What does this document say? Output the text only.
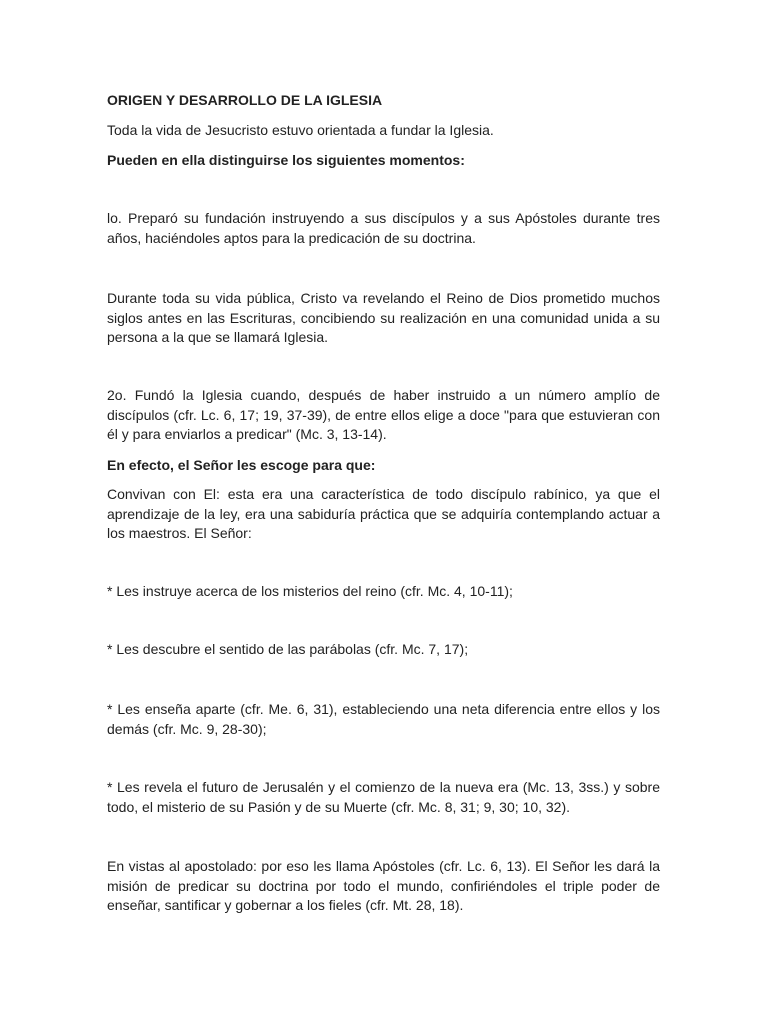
ORIGEN Y DESARROLLO DE LA IGLESIA

Toda la vida de Jesucristo estuvo orientada a fundar la Iglesia.

Pueden en ella distinguirse los siguientes momentos:

lo. Preparó su fundación instruyendo a sus discípulos y a sus Apóstoles durante tres años, haciéndoles aptos para la predicación de su doctrina.

Durante toda su vida pública, Cristo va revelando el Reino de Dios prometido muchos siglos antes en las Escrituras, concibiendo su realización en una comunidad unida a su persona a la que se llamará Iglesia.

2o. Fundó la Iglesia cuando, después de haber instruido a un número amplío de discípulos (cfr. Lc. 6, 17; 19, 37-39), de entre ellos elige a doce "para que estuvieran con él y para enviarlos a predicar" (Mc. 3, 13-14).

En efecto, el Señor les escoge para que:

Convivan con El: esta era una característica de todo discípulo rabínico, ya que el aprendizaje de la ley, era una sabiduría práctica que se adquiría contemplando actuar a los maestros. El Señor:

* Les instruye acerca de los misterios del reino (cfr. Mc. 4, 10-11);

* Les descubre el sentido de las parábolas (cfr. Mc. 7, 17);

* Les enseña aparte (cfr. Me. 6, 31), estableciendo una neta diferencia entre ellos y los demás (cfr. Mc. 9, 28-30);

* Les revela el futuro de Jerusalén y el comienzo de la nueva era (Mc. 13, 3ss.) y sobre todo, el misterio de su Pasión y de su Muerte (cfr. Mc. 8, 31; 9, 30; 10, 32).

En vistas al apostolado: por eso les llama Apóstoles (cfr. Lc. 6, 13). El Señor les dará la misión de predicar su doctrina por todo el mundo, confiriéndoles el triple poder de enseñar, santificar y gobernar a los fieles (cfr. Mt. 28, 18).
